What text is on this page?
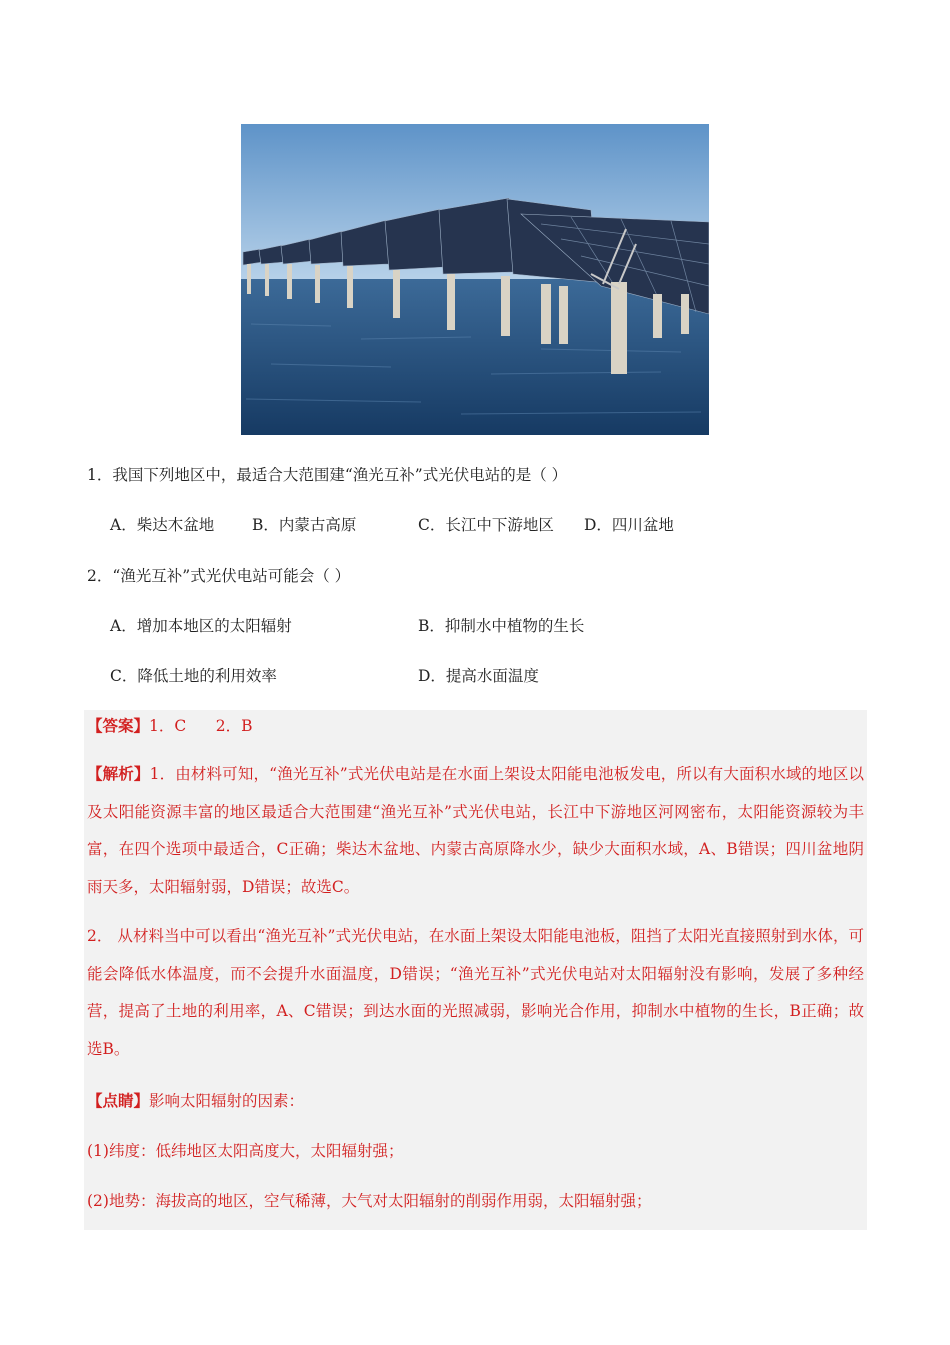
1．我国下列地区中，最适合大范围建“渔光互补”式光伏电站的是（ ）
A．柴达木盆地 B．内蒙古高原	C．长江中下游地区 D．四川盆地
2．“渔光互补”式光伏电站可能会（ ）
A．增加本地区的太阳辐射	B．抑制水中植物的生长
C．降低土地的利用效率	D．提高水面温度
【答案】1．C      2．B
【解析】1．由材料可知，“渔光互补”式光伏电站是在水面上架设太阳能电池板发电，所以有大面积水域的地区以及太阳能资源丰富的地区最适合大范围建“渔光互补”式光伏电站，长江中下游地区河网密布，太阳能资源较为丰富，在四个选项中最适合，C正确；柴达木盆地、内蒙古高原降水少，缺少大面积水域，A、B错误；四川盆地阴雨天多，太阳辐射弱，D错误；故选C。
2． 从材料当中可以看出“渔光互补”式光伏电站，在水面上架设太阳能电池板，阻挡了太阳光直接照射到水体，可能会降低水体温度，而不会提升水面温度，D错误；“渔光互补”式光伏电站对太阳辐射没有影响，发展了多种经营，提高了土地的利用率，A、C错误；到达水面的光照减弱，影响光合作用，抑制水中植物的生长，B正确；故选B。
【点睛】影响太阳辐射的因素：
(1)纬度：低纬地区太阳高度大，太阳辐射强；
(2)地势：海拔高的地区，空气稀薄，大气对太阳辐射的削弱作用弱，太阳辐射强；
